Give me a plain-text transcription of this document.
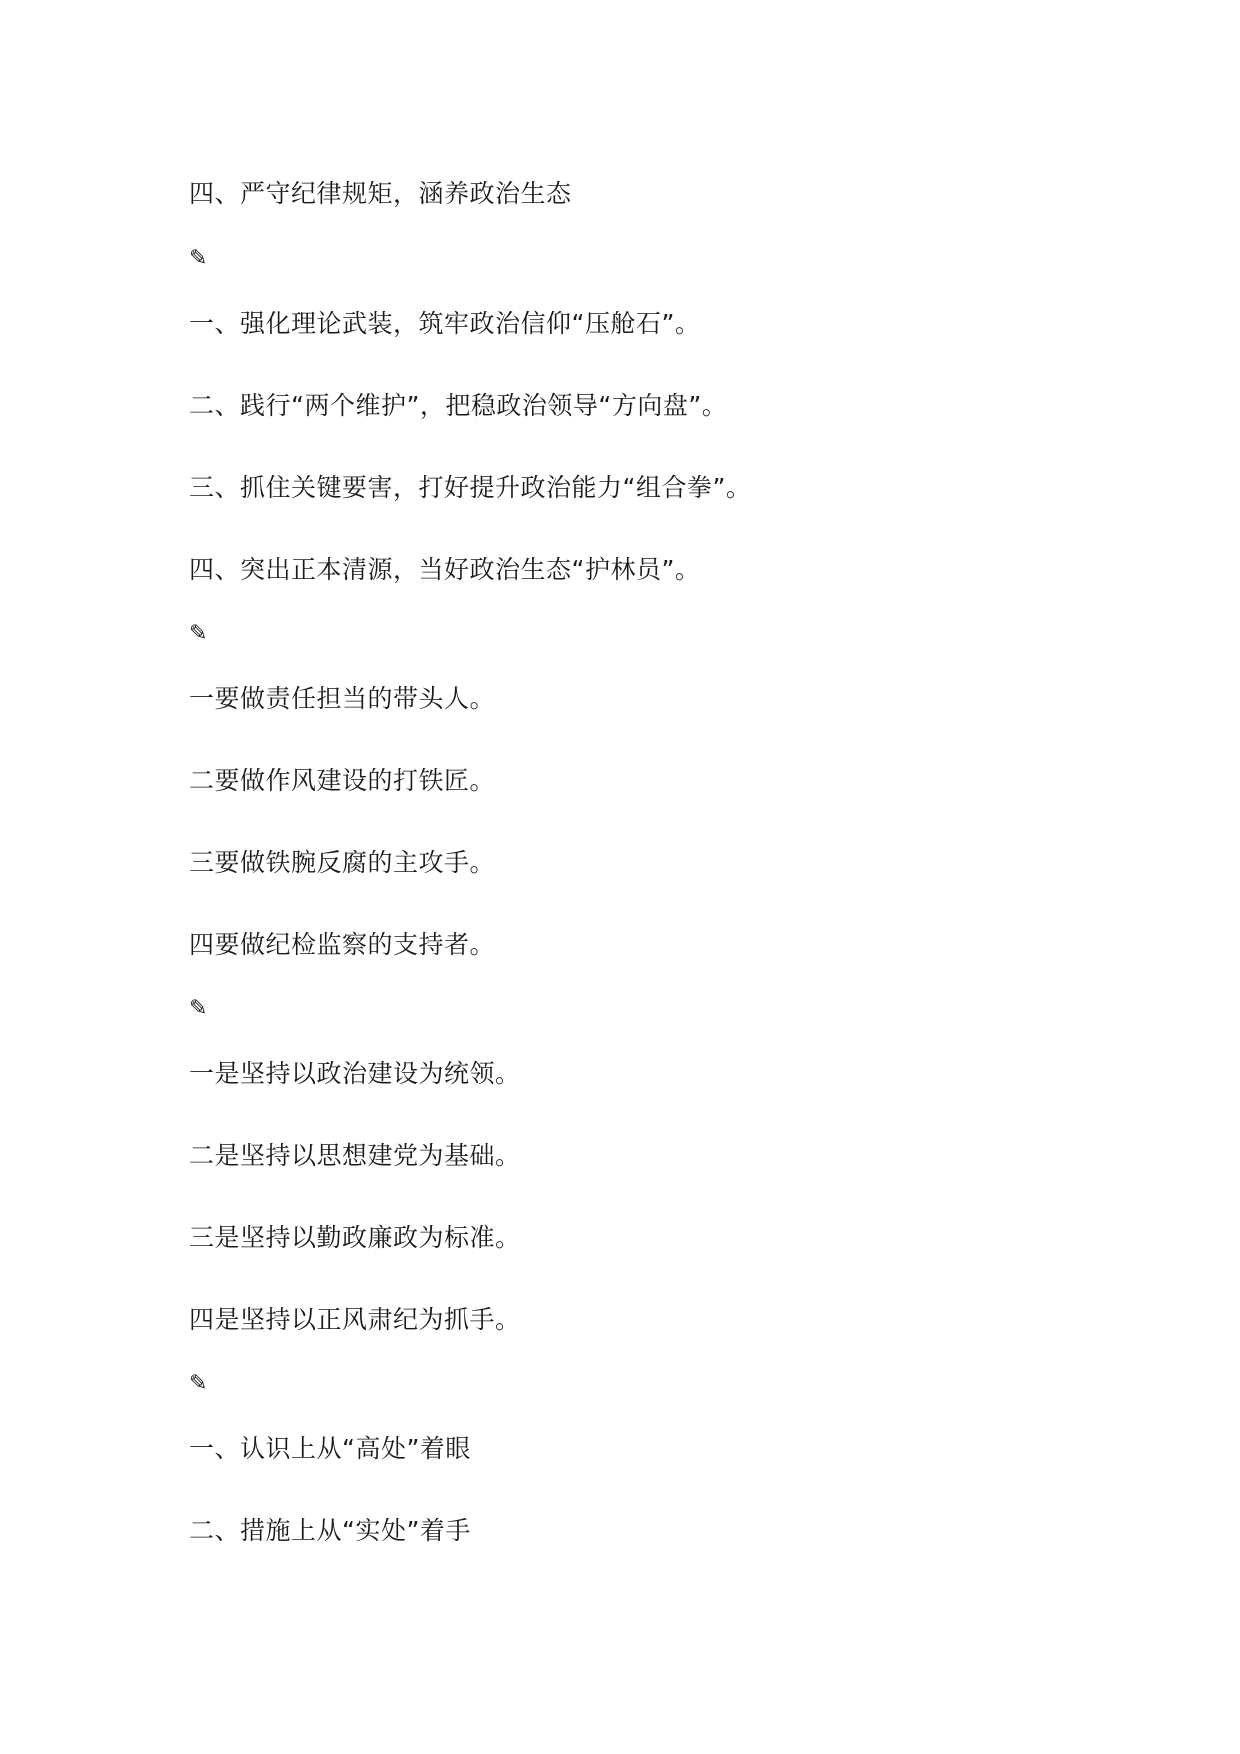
四、严守纪律规矩，涵养政治生态
✎
一、强化理论武装，筑牢政治信仰“压舱石”。
二、践行“两个维护”，把稳政治领导“方向盘”。
三、抓住关键要害，打好提升政治能力“组合拳”。
四、突出正本清源，当好政治生态“护林员”。
✎
一要做责任担当的带头人。
二要做作风建设的打铁匠。
三要做铁腕反腐的主攻手。
四要做纪检监察的支持者。
✎
一是坚持以政治建设为统领。
二是坚持以思想建党为基础。
三是坚持以勤政廉政为标准。
四是坚持以正风肃纪为抓手。
✎
一、认识上从“高处”着眼
二、措施上从“实处”着手
